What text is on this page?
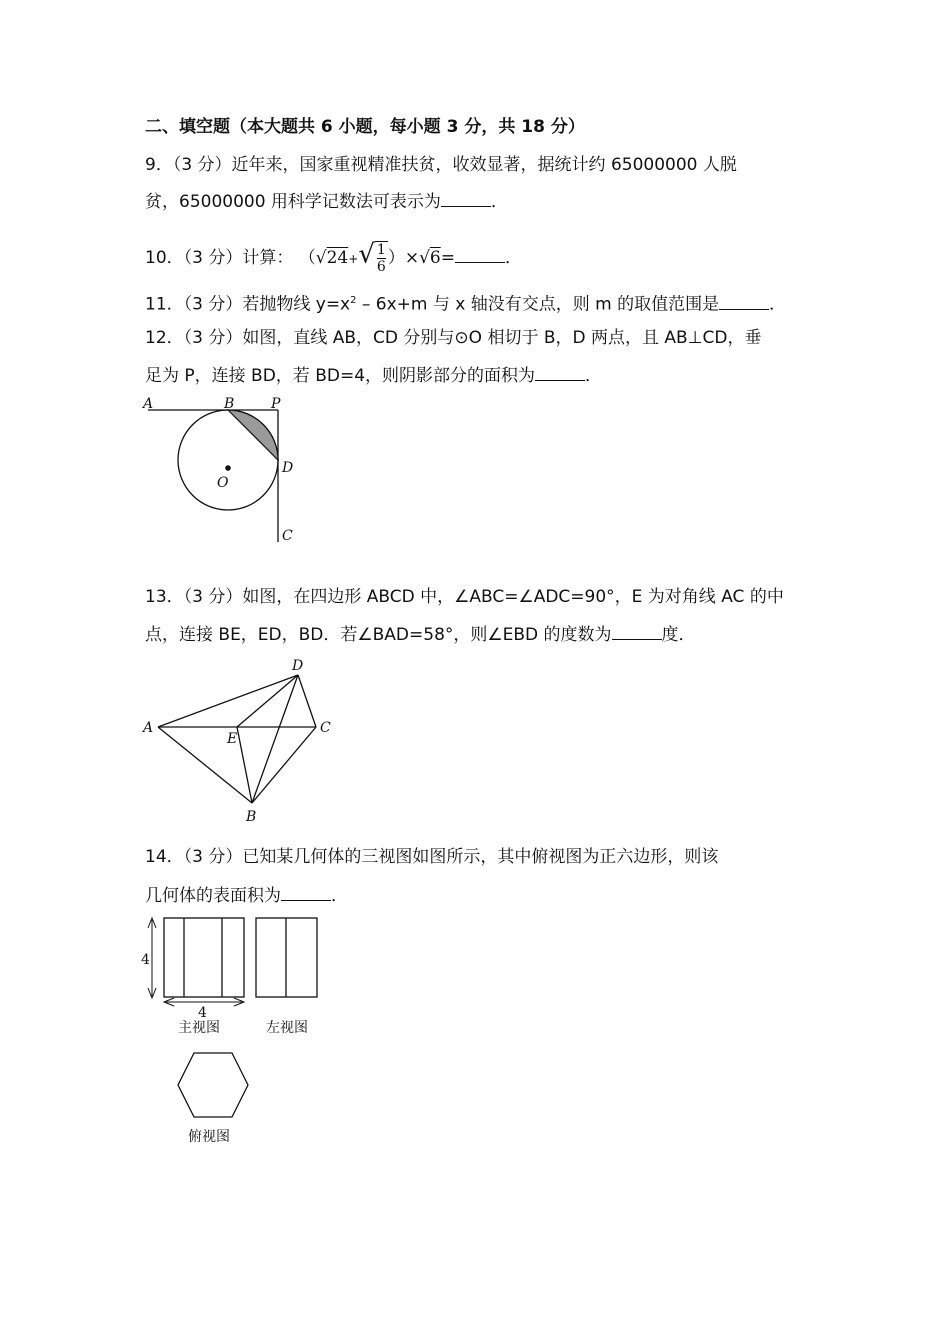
二、填空题（本大题共 6 小题，每小题 3 分，共 18 分）
9．（3 分）近年来，国家重视精准扶贫，收效显著，据统计约 65000000 人脱
贫，65000000 用科学记数法可表示为	．
10．（3 分）计算： $(√24+√ \frac{1}{6} )\times√6=$	．
11．（3 分）若抛物线 $y=x^2 - 6x+m$ 与 x 轴没有交点，则 m 的取值范围是	．
12．（3 分）如图，直线 AB，CD 分别与⊙O 相切于 B，D 两点，且 AB⊥CD，垂
足为 P，连接 BD，若 BD=4，则阴影部分的面积为	．
A	B	P
D
O
C
13．（3 分）如图，在四边形 ABCD 中，∠ABC=∠ADC=90°，E 为对角线 AC 的中
点，连接 BE，ED，BD．若∠BAD=58°，则∠EBD 的度数为	度．
A
D
C
E
B
14．（3 分）已知某几何体的三视图如图所示，其中俯视图为正六边形，则该
几何体的表面积为	．
4
4
主视图	左视图
俯视图
